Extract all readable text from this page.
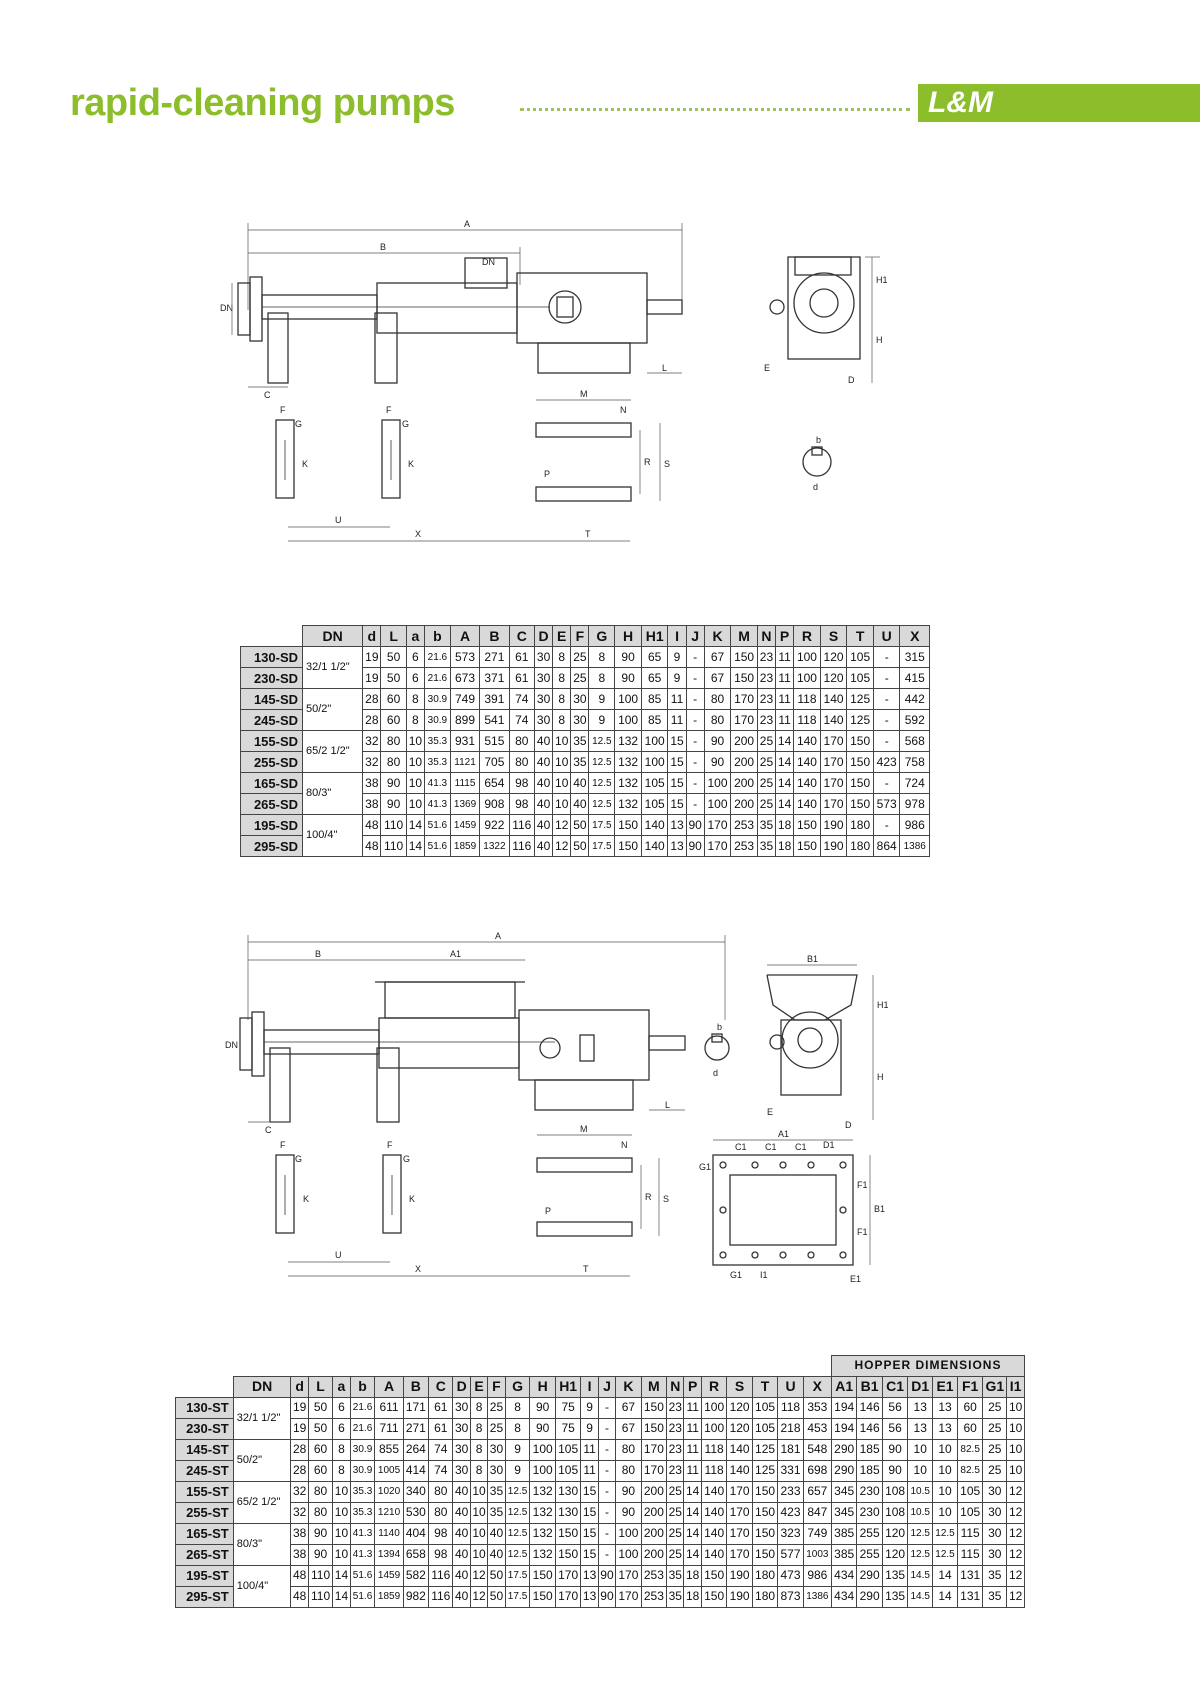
rapid-cleaning pumps	L&M
A
B
DN
DN
C
L
H1
H
E
D
F
G
K
F
G
K
M
N
R S
P
b
d
U
X	T
	DN	d	L	a	b	A	B	C	D	E	F	G	H	H1	I	J	K	M	N	P	R	S	T	U	X
130-SD	32/1 1/2"	19	50	6	21.6	573	271	61	30	8	25	8	90	65	9	-	67	150	23	11	100	120	105	-	315
230-SD		19	50	6	21.6	673	371	61	30	8	25	8	90	65	9	-	67	150	23	11	100	120	105	-	415
145-SD	50/2"	28	60	8	30.9	749	391	74	30	8	30	9	100	85	11	-	80	170	23	11	118	140	125	-	442
245-SD		28	60	8	30.9	899	541	74	30	8	30	9	100	85	11	-	80	170	23	11	118	140	125	-	592
155-SD	65/2 1/2"	32	80	10	35.3	931	515	80	40	10	35	12.5	132	100	15	-	90	200	25	14	140	170	150	-	568
255-SD		32	80	10	35.3	1121	705	80	40	10	35	12.5	132	100	15	-	90	200	25	14	140	170	150	423	758
165-SD	80/3"	38	90	10	41.3	1115	654	98	40	10	40	12.5	132	105	15	-	100	200	25	14	140	170	150	-	724
265-SD		38	90	10	41.3	1369	908	98	40	10	40	12.5	132	105	15	-	100	200	25	14	140	170	150	573	978
195-SD	100/4"	48	110	14	51.6	1459	922	116	40	12	50	17.5	150	140	13	90	170	253	35	18	150	190	180	-	986
295-SD		48	110	14	51.6	1859	1322	116	40	12	50	17.5	150	140	13	90	170	253	35	18	150	190	180	864	1386
A
B	A1
DN
C
L
B1
H1
H
E
D
b
d
F
G
K
F
G
K
M
N
R S
P
U
X	T
A1
C1 C1 C1 D1
G1
F1
F1
B1
G1 I1	E1
																										HOPPER DIMENSIONS							
	DN	d	L	a	b	A	B	C	D	E	F	G	H	H1	I	J	K	M	N	P	R	S	T	U	X	A1	B1	C1	D1	E1	F1	G1	I1
130-ST	32/1 1/2"	19	50	6	21.6	611	171	61	30	8	25	8	90	75	9	-	67	150	23	11	100	120	105	118	353	194	146	56	13	13	60	25	10
230-ST		19	50	6	21.6	711	271	61	30	8	25	8	90	75	9	-	67	150	23	11	100	120	105	218	453	194	146	56	13	13	60	25	10
145-ST	50/2"	28	60	8	30.9	855	264	74	30	8	30	9	100	105	11	-	80	170	23	11	118	140	125	181	548	290	185	90	10	10	82.5	25	10
245-ST		28	60	8	30.9	1005	414	74	30	8	30	9	100	105	11	-	80	170	23	11	118	140	125	331	698	290	185	90	10	10	82.5	25	10
155-ST	65/2 1/2"	32	80	10	35.3	1020	340	80	40	10	35	12.5	132	130	15	-	90	200	25	14	140	170	150	233	657	345	230	108	10.5	10	105	30	12
255-ST		32	80	10	35.3	1210	530	80	40	10	35	12.5	132	130	15	-	90	200	25	14	140	170	150	423	847	345	230	108	10.5	10	105	30	12
165-ST	80/3"	38	90	10	41.3	1140	404	98	40	10	40	12.5	132	150	15	-	100	200	25	14	140	170	150	323	749	385	255	120	12.5	12.5	115	30	12
265-ST		38	90	10	41.3	1394	658	98	40	10	40	12.5	132	150	15	-	100	200	25	14	140	170	150	577	1003	385	255	120	12.5	12.5	115	30	12
195-ST	100/4"	48	110	14	51.6	1459	582	116	40	12	50	17.5	150	170	13	90	170	253	35	18	150	190	180	473	986	434	290	135	14.5	14	131	35	12
295-ST		48	110	14	51.6	1859	982	116	40	12	50	17.5	150	170	13	90	170	253	35	18	150	190	180	873	1386	434	290	135	14.5	14	131	35	12
